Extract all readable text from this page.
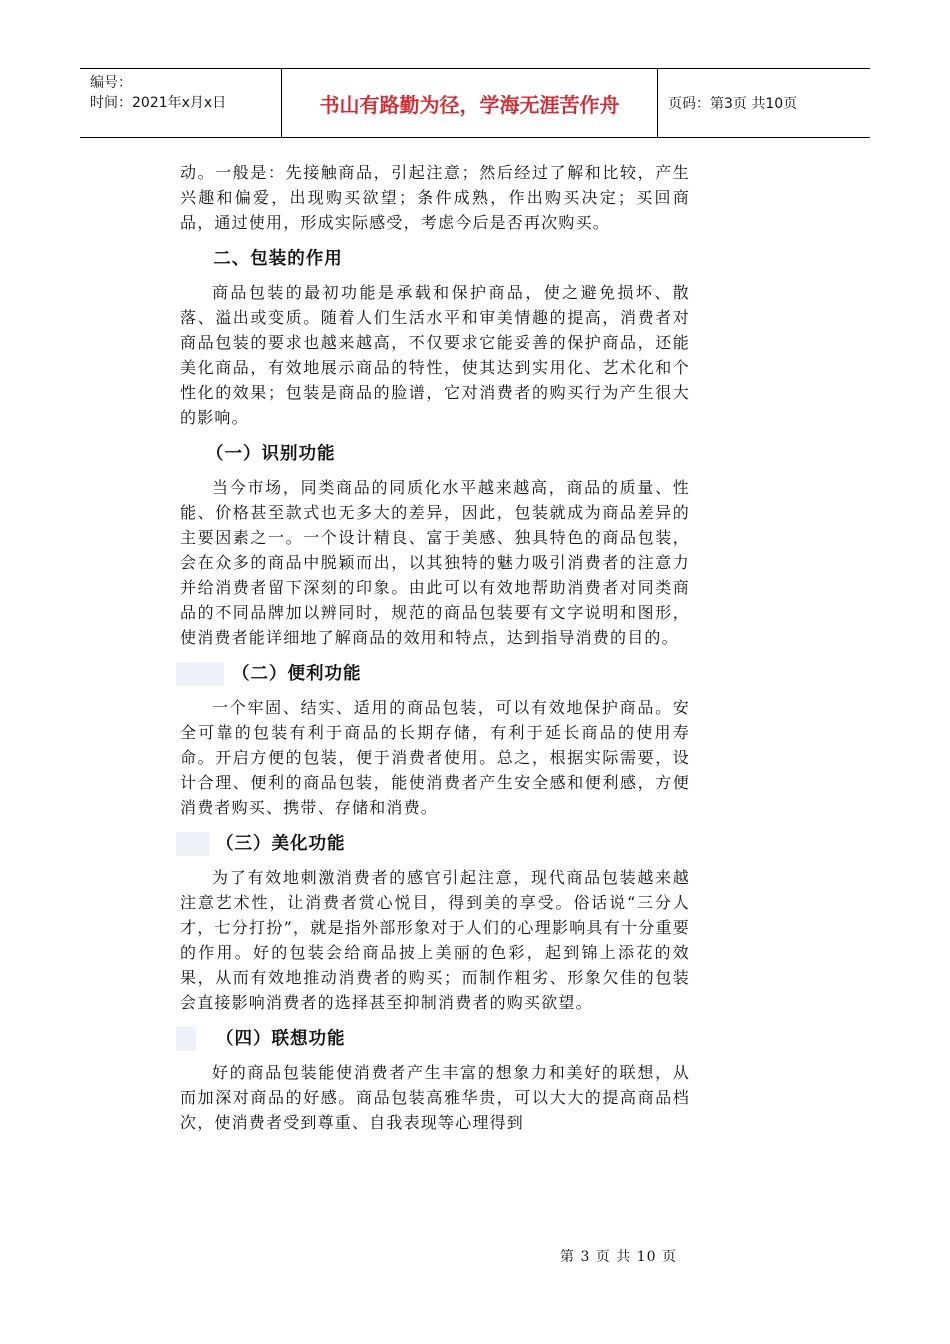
编号：
时间：2021年x月x日	书山有路勤为径，学海无涯苦作舟	页码：第3页 共10页

动。一般是：先接触商品，引起注意；然后经过了解和比较，产生兴趣和偏爱，出现购买欲望；条件成熟，作出购买决定；买回商品，通过使用，形成实际感受，考虑今后是否再次购买。

二、包装的作用

商品包装的最初功能是承载和保护商品，使之避免损坏、散落、溢出或变质。随着人们生活水平和审美情趣的提高，消费者对商品包装的要求也越来越高，不仅要求它能妥善的保护商品，还能美化商品，有效地展示商品的特性，使其达到实用化、艺术化和个性化的效果；包装是商品的脸谱，它对消费者的购买行为产生很大的影响。

（一）识别功能

当今市场，同类商品的同质化水平越来越高，商品的质量、性能、价格甚至款式也无多大的差异，因此，包装就成为商品差异的主要因素之一。一个设计精良、富于美感、独具特色的商品包装，会在众多的商品中脱颖而出，以其独特的魅力吸引消费者的注意力并给消费者留下深刻的印象。由此可以有效地帮助消费者对同类商品的不同品牌加以辨同时，规范的商品包装要有文字说明和图形，使消费者能详细地了解商品的效用和特点，达到指导消费的目的。

（二）便利功能

一个牢固、结实、适用的商品包装，可以有效地保护商品。安全可靠的包装有利于商品的长期存储，有利于延长商品的使用寿命。开启方便的包装，便于消费者使用。总之，根据实际需要，设计合理、便利的商品包装，能使消费者产生安全感和便利感，方便消费者购买、携带、存储和消费。

（三）美化功能

为了有效地刺激消费者的感官引起注意，现代商品包装越来越注意艺术性，让消费者赏心悦目，得到美的享受。俗话说“三分人才，七分打扮”，就是指外部形象对于人们的心理影响具有十分重要的作用。好的包装会给商品披上美丽的色彩，起到锦上添花的效果，从而有效地推动消费者的购买；而制作粗劣、形象欠佳的包装会直接影响消费者的选择甚至抑制消费者的购买欲望。

（四）联想功能

好的商品包装能使消费者产生丰富的想象力和美好的联想，从而加深对商品的好感。商品包装高雅华贵，可以大大的提高商品档次，使消费者受到尊重、自我表现等心理得到

第 3 页 共 10 页
